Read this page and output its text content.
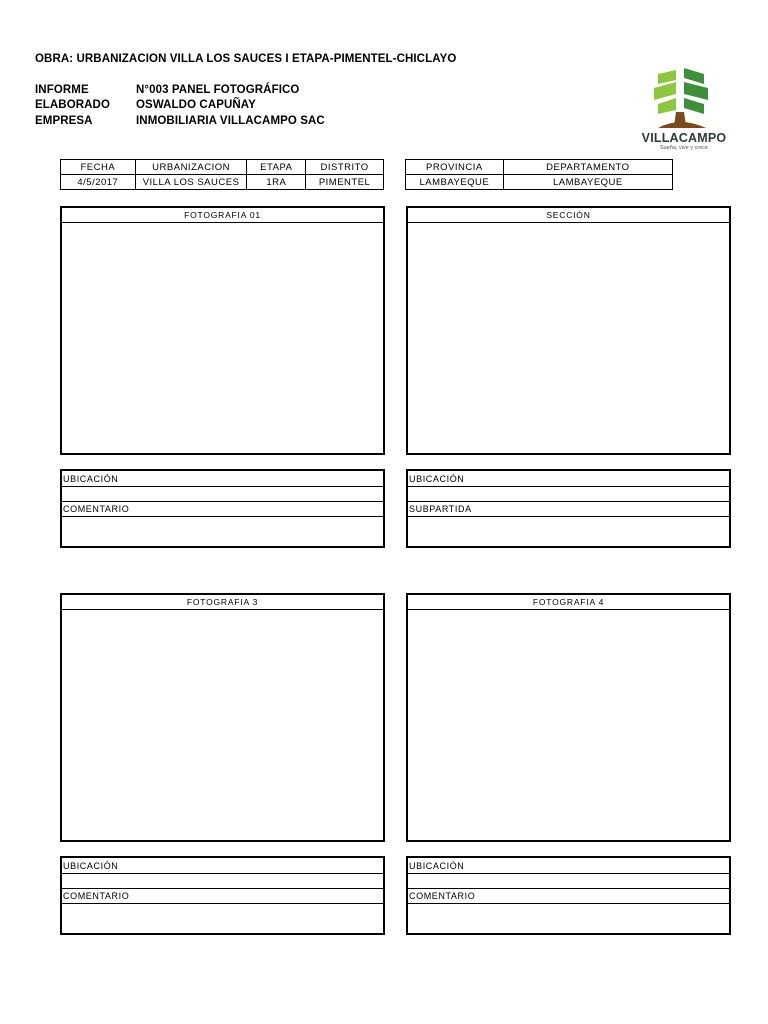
OBRA: URBANIZACION VILLA LOS SAUCES I ETAPA-PIMENTEL-CHICLAYO
INFORME	N°003 PANEL FOTOGRÁFICO
ELABORADO OSWALDO CAPUÑAY
EMPRESA	INMOBILIARIA VILLACAMPO SAC
VILLACAMPO
Sueña, vive y crece
FECHA	URBANIZACION	ETAPA	DISTRITO
4/5/2017	VILLA LOS SAUCES	1RA	PIMENTEL
PROVINCIA	DEPARTAMENTO
LAMBAYEQUE	LAMBAYEQUE
FOTOGRAFIA 01
UBICACIÓN
COMENTARIO
SECCIÓN
UBICACIÓN
SUBPARTIDA
FOTOGRAFIA 3
UBICACIÓN
COMENTARIO
FOTOGRAFIA 4
UBICACIÓN
COMENTARIO
